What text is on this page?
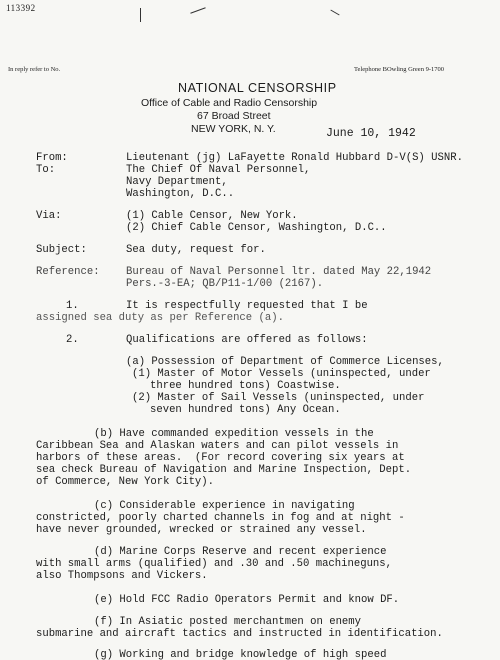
113392
In reply refer to No.	Telephone BOwling Green 9-1700
NATIONAL CENSORSHIP
Office of Cable and Radio Censorship
67 Broad Street
NEW YORK, N. Y.	June 10, 1942
From:	Lieutenant (jg) LaFayette Ronald Hubbard D-V(S) USNR.
To:	The Chief Of Naval Personnel,
Navy Department,
Washington, D.C..
Via:	(1) Cable Censor, New York.
(2) Chief Cable Censor, Washington, D.C..
Subject:	Sea duty, request for.
Reference: Bureau of Naval Personnel ltr. dated May 22,1942
Pers.-3-EA; QB/P11-1/00 (2167).
1.	It is respectfully requested that I be
assigned sea duty as per Reference (a).
2.	Qualifications are offered as follows:
(a) Possession of Department of Commerce Licenses,
(1) Master of Motor Vessels (uninspected, under
three hundred tons) Coastwise.
(2) Master of Sail Vessels (uninspected, under
seven hundred tons) Any Ocean.
(b) Have commanded expedition vessels in the
Caribbean Sea and Alaskan waters and can pilot vessels in
harbors of these areas.  (For record covering six years at
sea check Bureau of Navigation and Marine Inspection, Dept.
of Commerce, New York City).
(c) Considerable experience in navigating
constricted, poorly charted channels in fog and at night -
have never grounded, wrecked or strained any vessel.
(d) Marine Corps Reserve and recent experience
with small arms (qualified) and .30 and .50 machineguns,
also Thompsons and Vickers.
(e) Hold FCC Radio Operators Permit and know DF.
(f) In Asiatic posted merchantmen on enemy
submarine and aircraft tactics and instructed in identification.
(g) Working and bridge knowledge of high speed
